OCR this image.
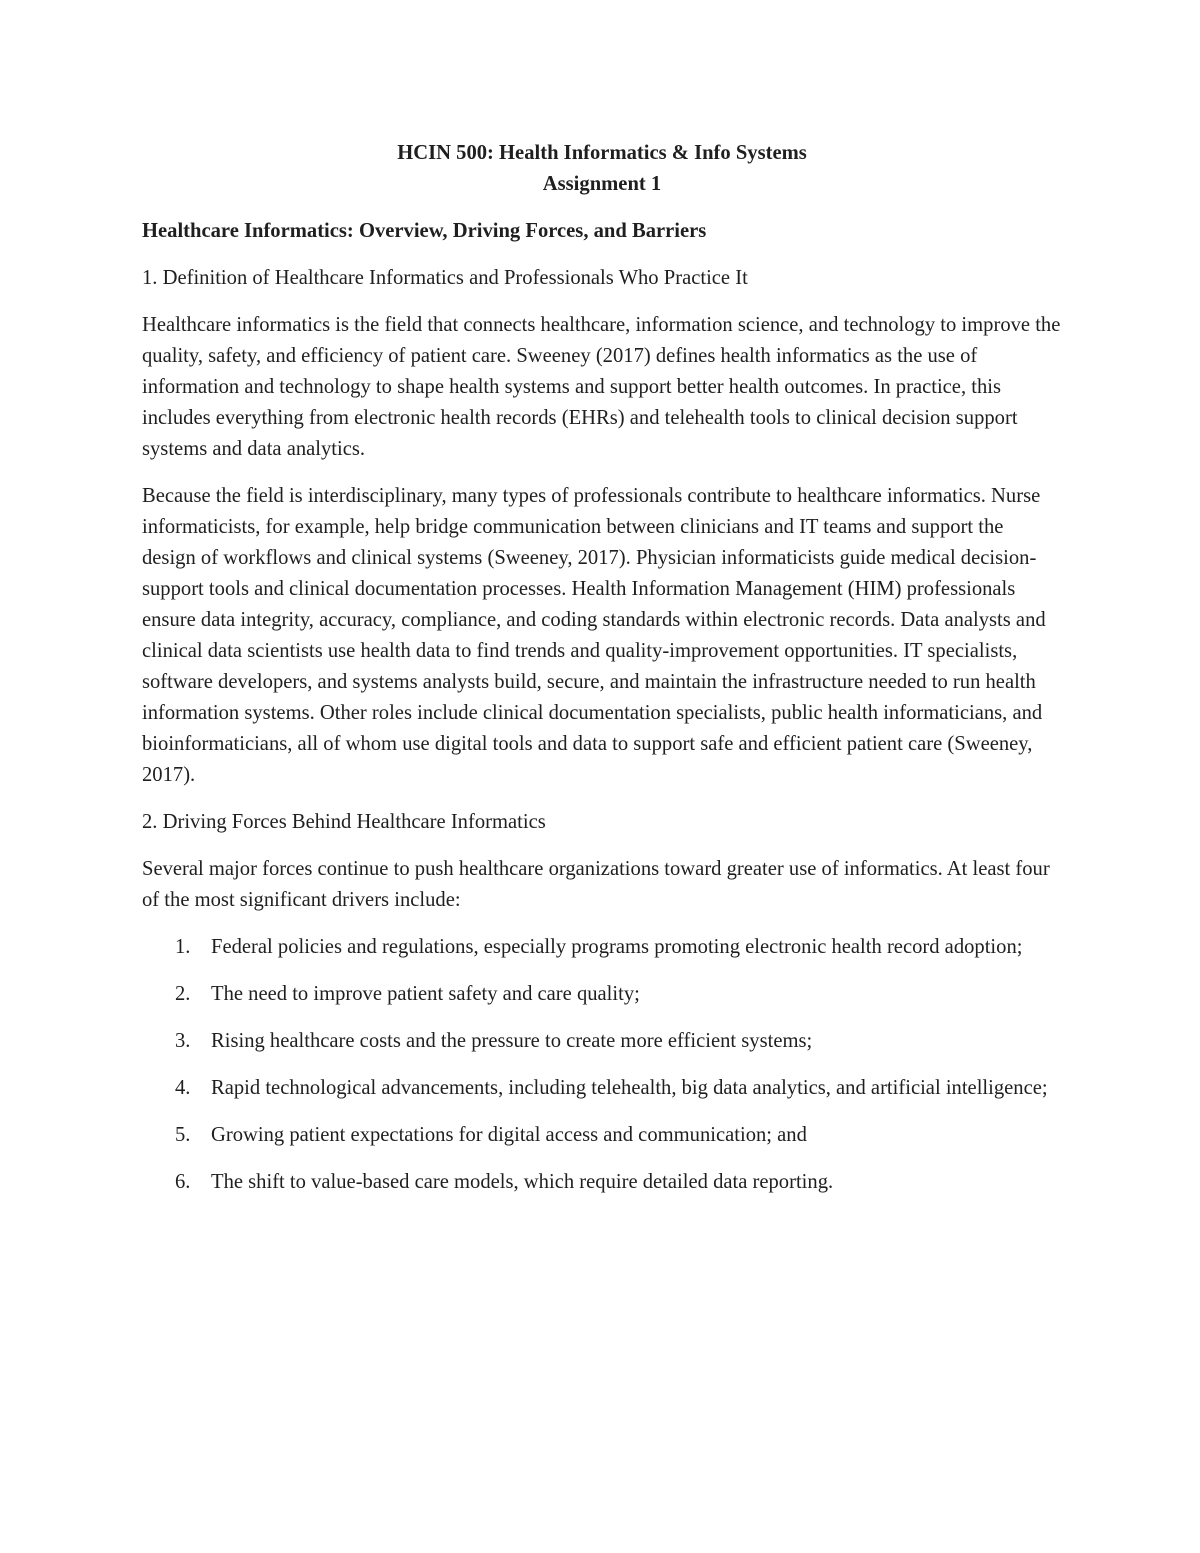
HCIN 500: Health Informatics & Info Systems
Assignment 1
Healthcare Informatics: Overview, Driving Forces, and Barriers
1. Definition of Healthcare Informatics and Professionals Who Practice It

Healthcare informatics is the field that connects healthcare, information science, and technology to improve the quality, safety, and efficiency of patient care. Sweeney (2017) defines health informatics as the use of information and technology to shape health systems and support better health outcomes. In practice, this includes everything from electronic health records (EHRs) and telehealth tools to clinical decision support systems and data analytics.

Because the field is interdisciplinary, many types of professionals contribute to healthcare informatics. Nurse informaticists, for example, help bridge communication between clinicians and IT teams and support the design of workflows and clinical systems (Sweeney, 2017). Physician informaticists guide medical decision-support tools and clinical documentation processes. Health Information Management (HIM) professionals ensure data integrity, accuracy, compliance, and coding standards within electronic records. Data analysts and clinical data scientists use health data to find trends and quality-improvement opportunities. IT specialists, software developers, and systems analysts build, secure, and maintain the infrastructure needed to run health information systems. Other roles include clinical documentation specialists, public health informaticians, and bioinformaticians, all of whom use digital tools and data to support safe and efficient patient care (Sweeney, 2017).

2. Driving Forces Behind Healthcare Informatics

Several major forces continue to push healthcare organizations toward greater use of informatics. At least four of the most significant drivers include:

1. Federal policies and regulations, especially programs promoting electronic health record adoption;
2. The need to improve patient safety and care quality;
3. Rising healthcare costs and the pressure to create more efficient systems;
4. Rapid technological advancements, including telehealth, big data analytics, and artificial intelligence;
5. Growing patient expectations for digital access and communication; and
6. The shift to value-based care models, which require detailed data reporting.
